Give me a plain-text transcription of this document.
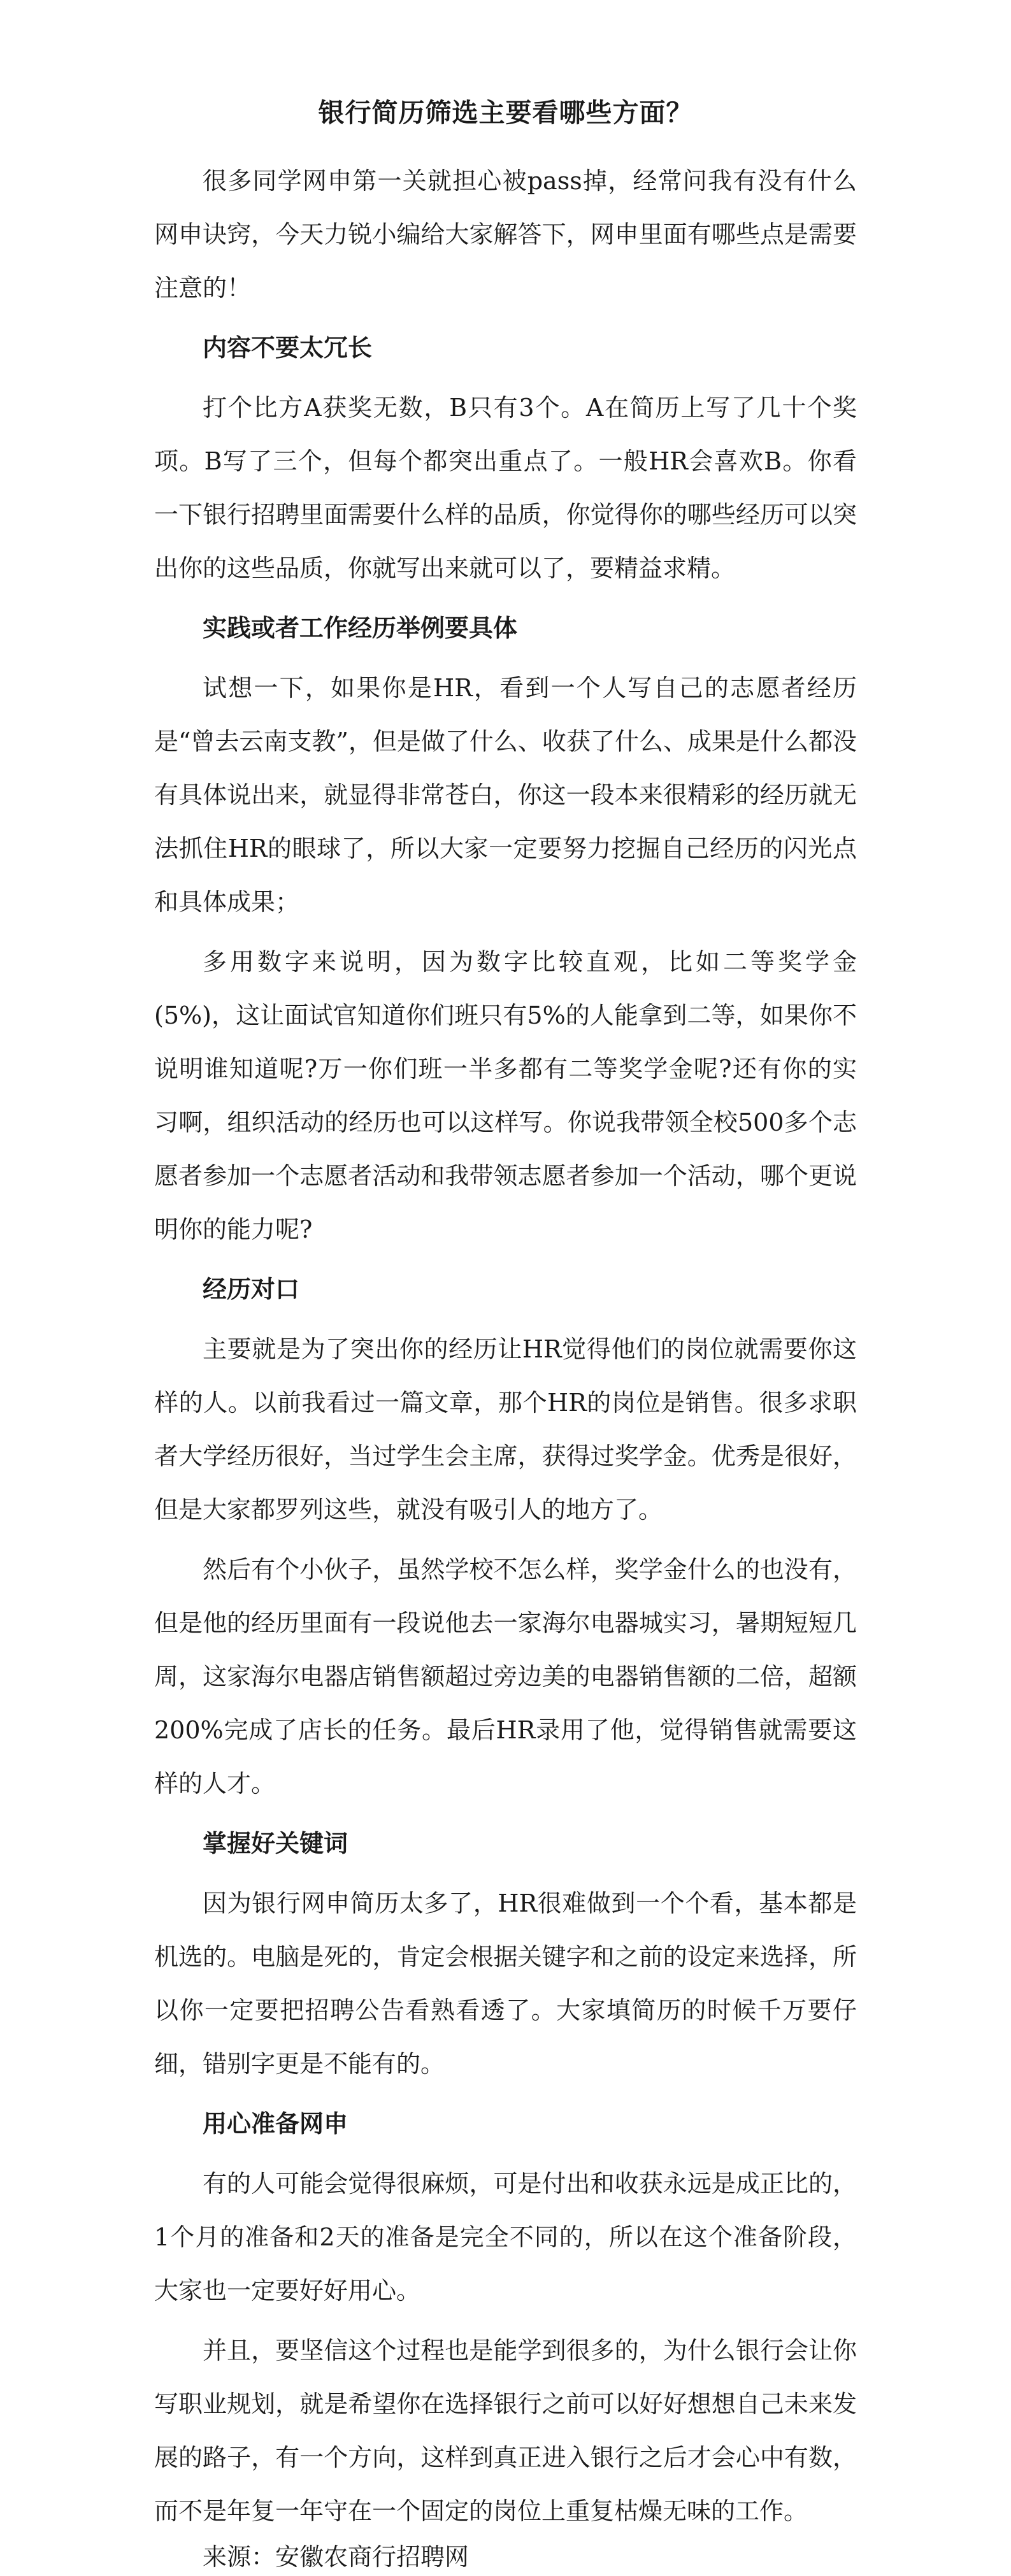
银行简历筛选主要看哪些方面？

很多同学网申第一关就担心被pass掉，经常问我有没有什么网申诀窍，今天力锐小编给大家解答下，网申里面有哪些点是需要注意的！

内容不要太冗长

打个比方A获奖无数，B只有3个。A在简历上写了几十个奖项。B写了三个，但每个都突出重点了。一般HR会喜欢B。你看一下银行招聘里面需要什么样的品质，你觉得你的哪些经历可以突出你的这些品质，你就写出来就可以了，要精益求精。

实践或者工作经历举例要具体

试想一下，如果你是HR，看到一个人写自己的志愿者经历是“曾去云南支教”，但是做了什么、收获了什么、成果是什么都没有具体说出来，就显得非常苍白，你这一段本来很精彩的经历就无法抓住HR的眼球了，所以大家一定要努力挖掘自己经历的闪光点和具体成果；

多用数字来说明，因为数字比较直观，比如二等奖学金(5%)，这让面试官知道你们班只有5%的人能拿到二等，如果你不说明谁知道呢?万一你们班一半多都有二等奖学金呢?还有你的实习啊，组织活动的经历也可以这样写。你说我带领全校500多个志愿者参加一个志愿者活动和我带领志愿者参加一个活动，哪个更说明你的能力呢?

经历对口

主要就是为了突出你的经历让HR觉得他们的岗位就需要你这样的人。以前我看过一篇文章，那个HR的岗位是销售。很多求职者大学经历很好，当过学生会主席，获得过奖学金。优秀是很好，但是大家都罗列这些，就没有吸引人的地方了。

然后有个小伙子，虽然学校不怎么样，奖学金什么的也没有，但是他的经历里面有一段说他去一家海尔电器城实习，暑期短短几周，这家海尔电器店销售额超过旁边美的电器销售额的二倍，超额200%完成了店长的任务。最后HR录用了他，觉得销售就需要这样的人才。

掌握好关键词

因为银行网申简历太多了，HR很难做到一个个看，基本都是机选的。电脑是死的，肯定会根据关键字和之前的设定来选择，所以你一定要把招聘公告看熟看透了。大家填简历的时候千万要仔细，错别字更是不能有的。

用心准备网申

有的人可能会觉得很麻烦，可是付出和收获永远是成正比的，1个月的准备和2天的准备是完全不同的，所以在这个准备阶段，大家也一定要好好用心。

并且，要坚信这个过程也是能学到很多的，为什么银行会让你写职业规划，就是希望你在选择银行之前可以好好想想自己未来发展的路子，有一个方向，这样到真正进入银行之后才会心中有数，而不是年复一年守在一个固定的岗位上重复枯燥无味的工作。

来源：安徽农商行招聘网
